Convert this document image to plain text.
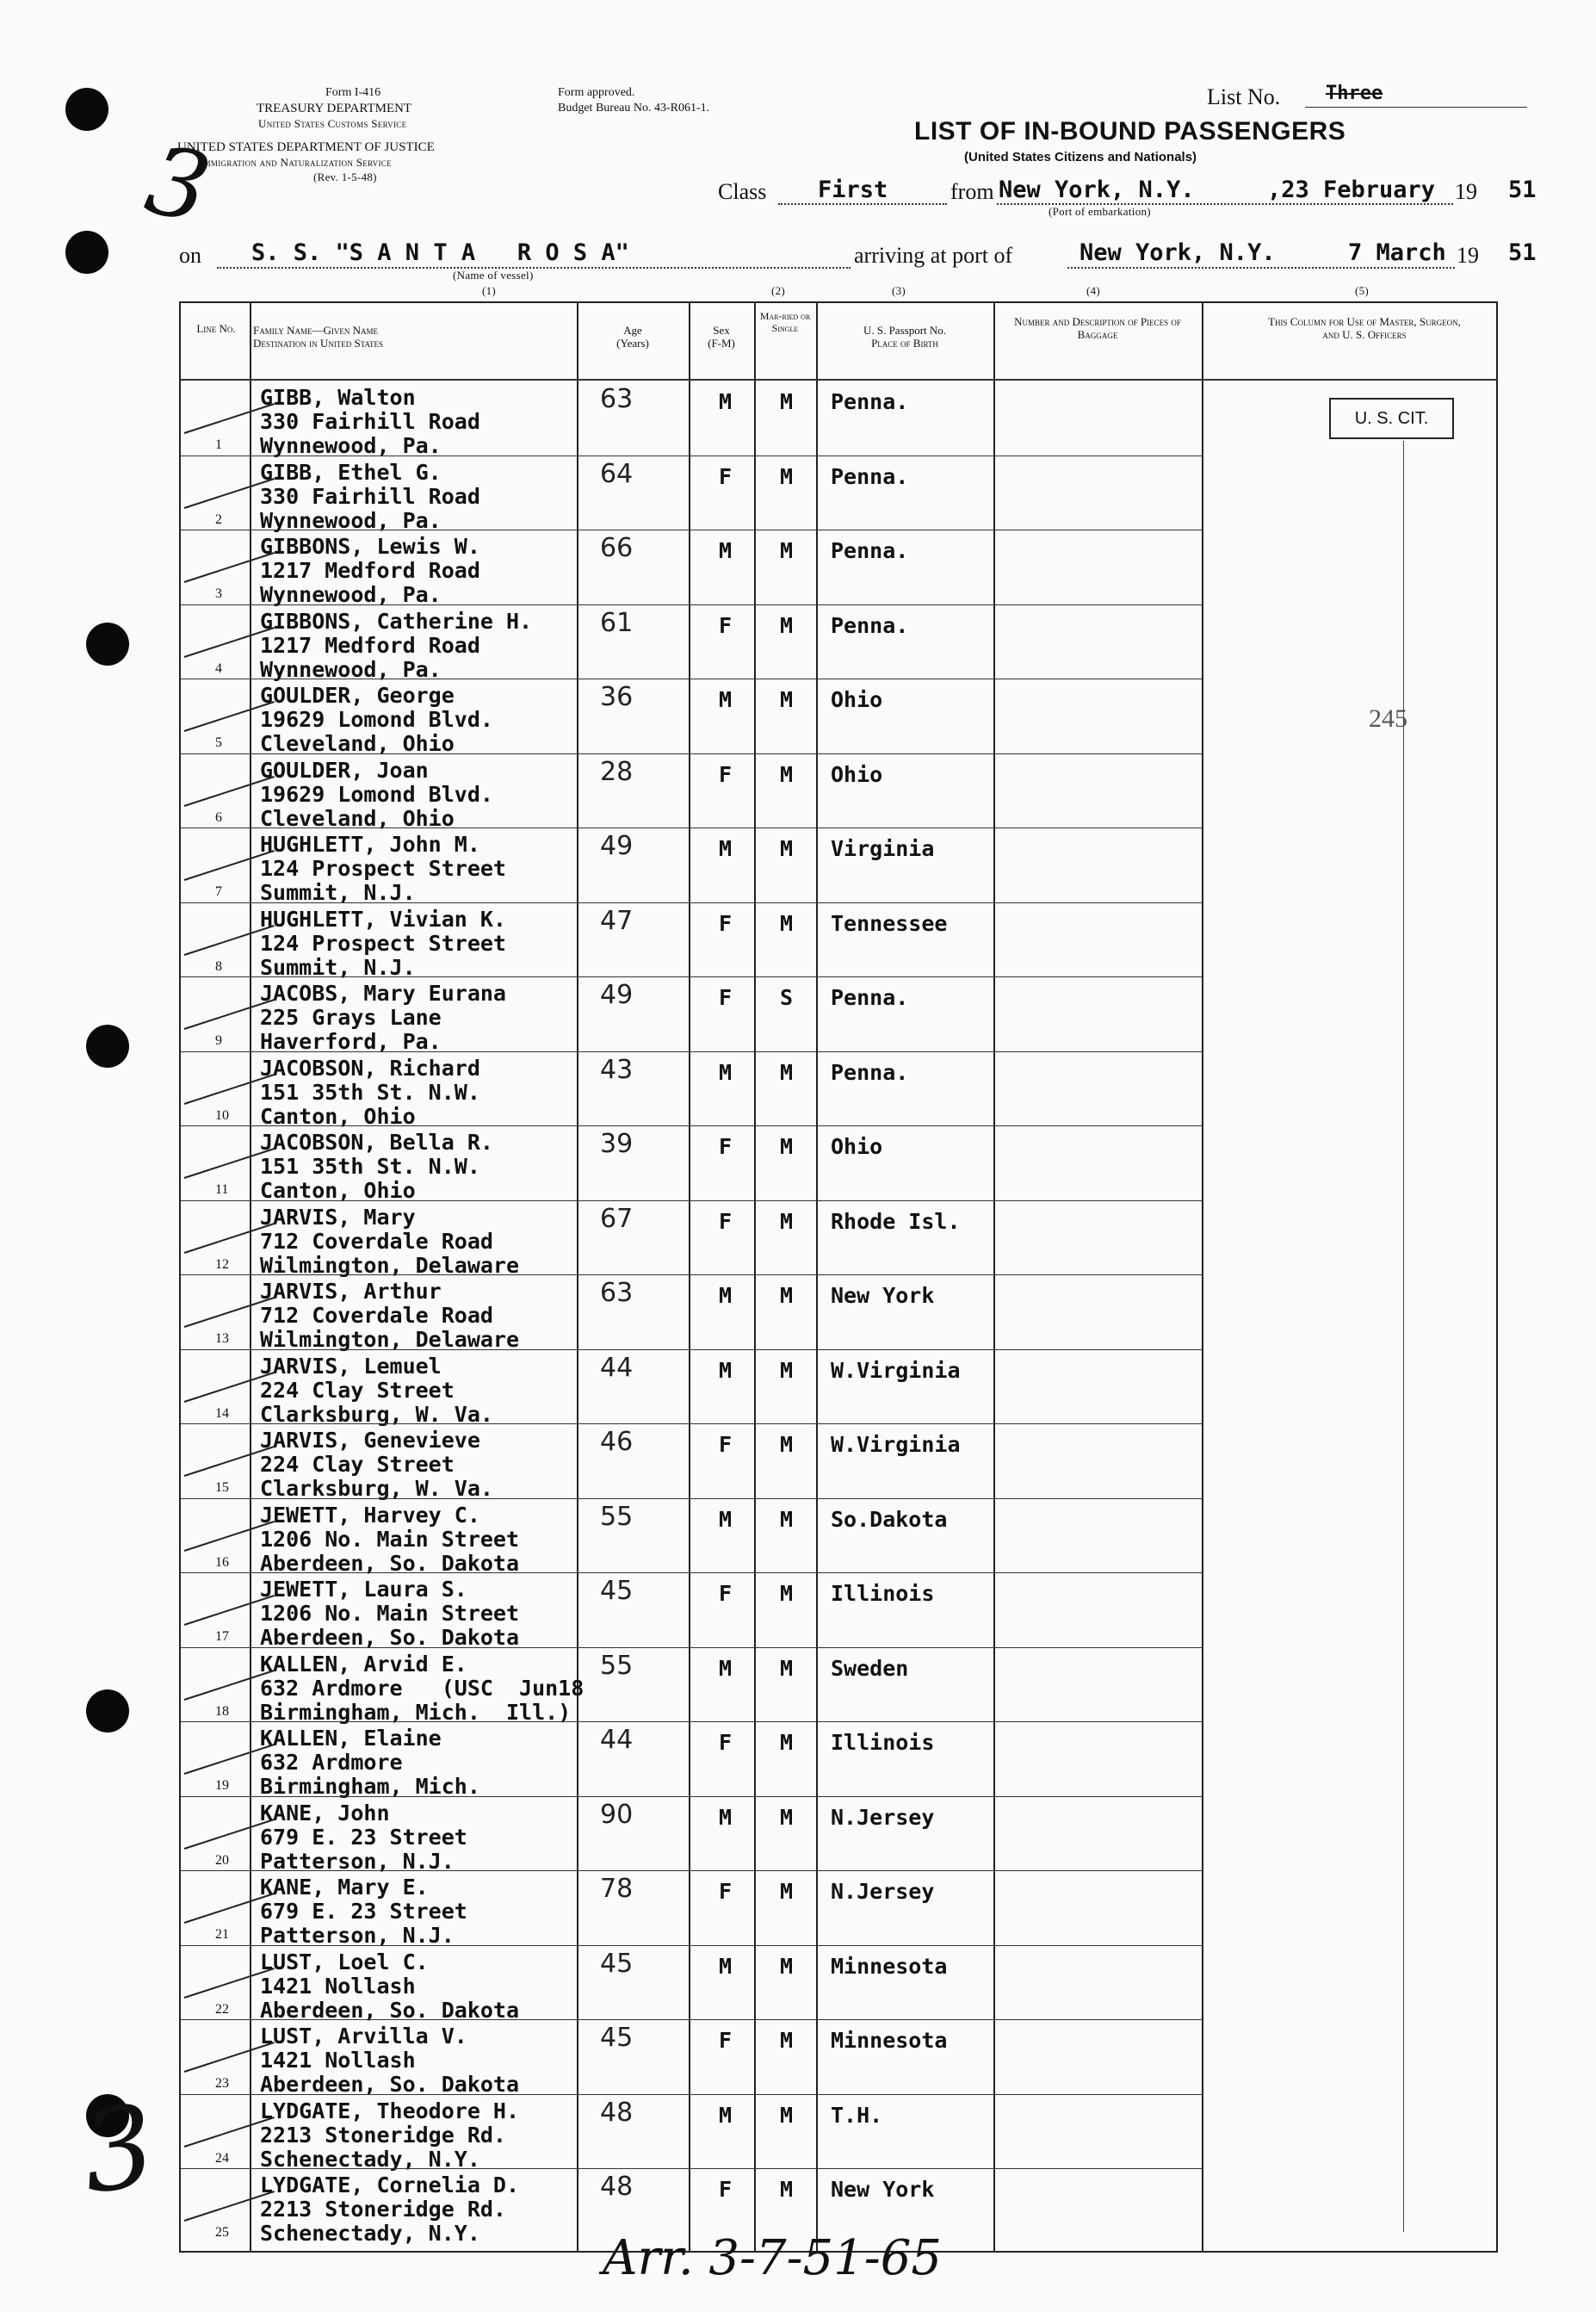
Form I-416
TREASURY DEPARTMENT
United States Customs Service
Form approved.
Budget Bureau No. 43-R061-1.
UNITED STATES DEPARTMENT OF JUSTICE
Immigration and Naturalization Service
(Rev. 1-5-48)
3
List No. Three
LIST OF IN-BOUND PASSENGERS
(United States Citizens and Nationals)
Class First	from New York, N.Y.	,23 February 19 51
(Port of embarkation)
on S. S. "S A N T A   R O S A"
(Name of vessel)
arriving at port of	New York, N.Y.	7 March 19 51
(1)	(2)	(3)	(4)	(5)
Line No.	Family Name—Given Name
Destination in United States
Age
(Years)
Sex
(F-M)
Mar-ried or Single	U. S. Passport No.
Place of Birth
Number and Description of Pieces of Baggage
This Column for Use of Master, Surgeon, and U. S. Officers
1
GIBB, Walton
330 Fairhill Road
Wynnewood, Pa.
63	M M Penna.
2
GIBB, Ethel G.
330 Fairhill Road
Wynnewood, Pa.
64	F M Penna.
3
GIBBONS, Lewis W.
1217 Medford Road
Wynnewood, Pa.
66	M M Penna.
4
GIBBONS, Catherine H.
1217 Medford Road
Wynnewood, Pa.
61	F M Penna.
5
GOULDER, George
19629 Lomond Blvd.
Cleveland, Ohio
36	M M Ohio
6
GOULDER, Joan
19629 Lomond Blvd.
Cleveland, Ohio
28	F M Ohio
7
HUGHLETT, John M.
124 Prospect Street
Summit, N.J.
49	M M Virginia
8
HUGHLETT, Vivian K.
124 Prospect Street
Summit, N.J.
47	F M Tennessee
9
JACOBS, Mary Eurana
225 Grays Lane
Haverford, Pa.
49	F S Penna.
10
JACOBSON, Richard
151 35th St. N.W.
Canton, Ohio
43	M M Penna.
11
JACOBSON, Bella R.
151 35th St. N.W.
Canton, Ohio
39	F M Ohio
12
JARVIS, Mary
712 Coverdale Road
Wilmington, Delaware
67	F M Rhode Isl.
13
JARVIS, Arthur
712 Coverdale Road
Wilmington, Delaware
63	M M New York
14
JARVIS, Lemuel
224 Clay Street
Clarksburg, W. Va.
44	M M W.Virginia
15
JARVIS, Genevieve
224 Clay Street
Clarksburg, W. Va.
46	F M W.Virginia
16
JEWETT, Harvey C.
1206 No. Main Street
Aberdeen, So. Dakota
55	M M So.Dakota
17
JEWETT, Laura S.
1206 No. Main Street
Aberdeen, So. Dakota
45	F M Illinois
18
KALLEN, Arvid E.
632 Ardmore   (USC  Jun18
Birmingham, Mich.  Ill.)
55	M M Sweden
19
KALLEN, Elaine
632 Ardmore
Birmingham, Mich.
44	F M Illinois
20
KANE, John
679 E. 23 Street
Patterson, N.J.
90	M M N.Jersey
21
KANE, Mary E.
679 E. 23 Street
Patterson, N.J.
78	F M N.Jersey
22
LUST, Loel C.
1421 Nollash
Aberdeen, So. Dakota
45	M M Minnesota
23
LUST, Arvilla V.
1421 Nollash
Aberdeen, So. Dakota
45	F M Minnesota
24
LYDGATE, Theodore H.
2213 Stoneridge Rd.
Schenectady, N.Y.
48	M M T.H.
25
LYDGATE, Cornelia D.
2213 Stoneridge Rd.
Schenectady, N.Y.
48	F M New York
U. S. CIT.
245
3
Arr. 3-7-51-65
